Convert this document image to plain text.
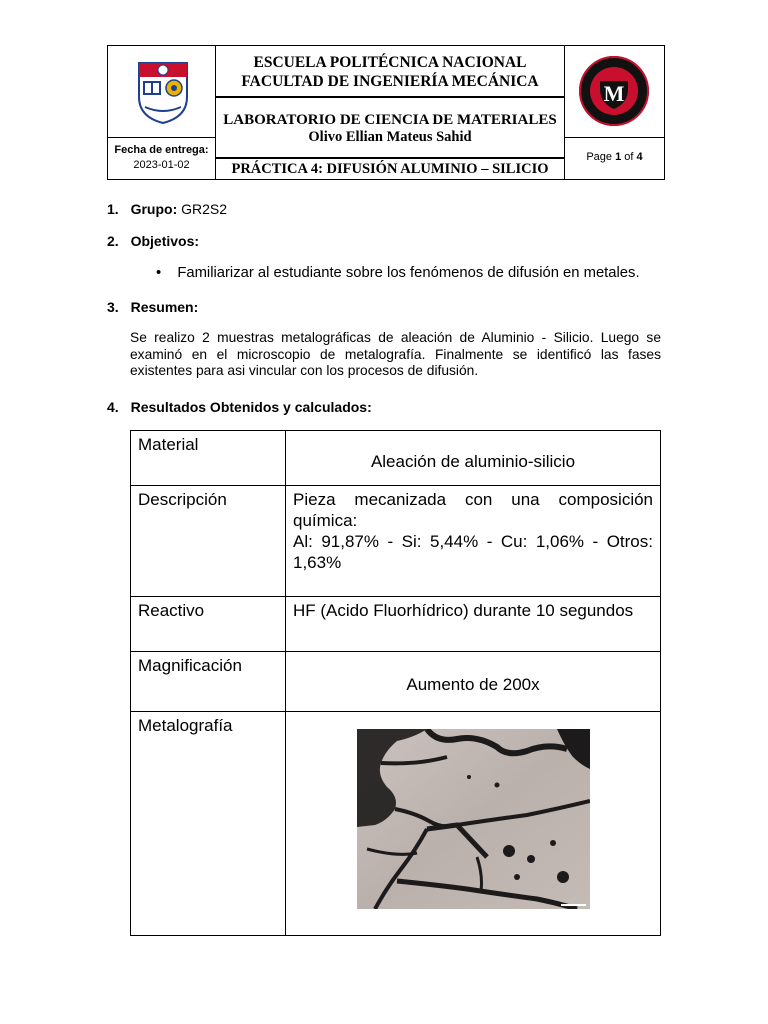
ESCUELA POLITÉCNICA NACIONAL
FACULTAD DE INGENIERÍA MECÁNICA
LABORATORIO DE CIENCIA DE MATERIALES
Olivo Ellian Mateus Sahid
M
Fecha de entrega:
2023-01-02	PRÁCTICA 4: DIFUSIÓN ALUMINIO – SILICIO
Page 1 of 4
1. Grupo: GR2S2
2. Objetivos:
• Familiarizar al estudiante sobre los fenómenos de difusión en metales.
3. Resumen:
Se realizo 2 muestras metalográficas de aleación de Aluminio - Silicio. Luego se examinó en el microscopio de metalografía. Finalmente se identificó las fases existentes para asi vincular con los procesos de difusión.
4. Resultados Obtenidos y calculados:
Material	Aleación de aluminio-silicio
Descripción	Pieza mecanizada con una composición química:
Al: 91,87% - Si: 5,44% - Cu: 1,06% - Otros: 1,63%

Reactivo	HF (Acido Fluorhídrico) durante 10 segundos
Magnificación	Aumento de 200x
Metalografía	
